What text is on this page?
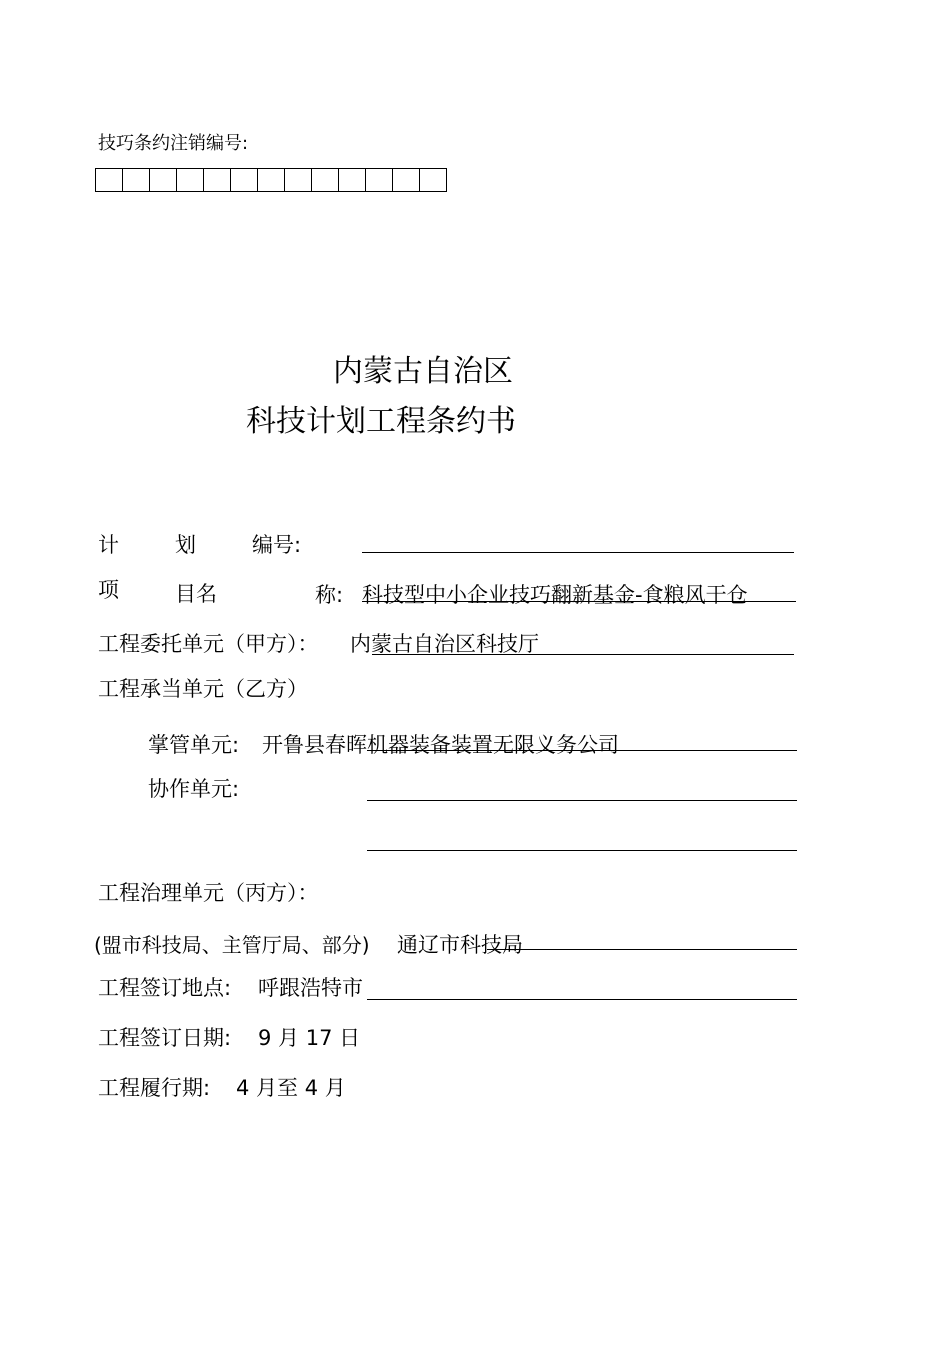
技巧条约注销编号:
内蒙古自治区
科技计划工程条约书
计	划	编号:
项	目名	称: 科技型中小企业技巧翻新基金-食粮风干仓
工程委托单元（甲方）： 内蒙古自治区科技厅
工程承当单元（乙方）
掌管单元: 开鲁县春晖机器装备装置无限义务公司
协作单元:
工程治理单元（丙方）：
(盟市科技局、主管厅局、部分) 通辽市科技局
工程签订地点: 呼跟浩特市
工程签订日期: 9 月 17 日
工程履行期: 4 月至 4 月
